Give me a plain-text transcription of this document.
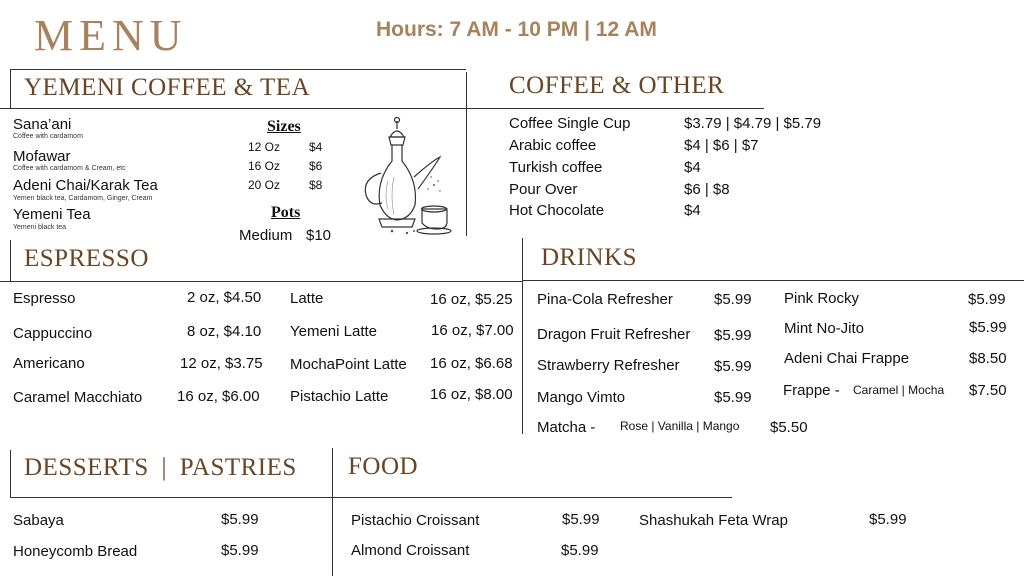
MENU	Hours: 7 AM - 10 PM | 12 AM
YEMENI COFFEE & TEA
Sana’ani
Coffee with cardamom
Mofawar
Coffee with cardamom & Cream, etc
Adeni Chai/Karak Tea
Yemen black tea, Cardamom, Ginger, Cream
Yemeni Tea
Yemeni black tea
Sizes
12 Oz $4
16 Oz $6
20 Oz $8
Pots
Medium $10
COFFEE & OTHER
Coffee Single Cup	$3.79 | $4.79 | $5.79
Arabic coffee	$4 | $6 | $7
Turkish coffee	$4
Pour Over	$6 | $8
Hot Chocolate	$4
ESPRESSO
Espresso	2 oz, $4.50
Cappuccino	8 oz, $4.10
Americano	12 oz, $3.75
Caramel Macchiato 16 oz, $6.00
Latte	16 oz, $5.25
Yemeni Latte	16 oz, $7.00
MochaPoint Latte 16 oz, $6.68
Pistachio Latte	16 oz, $8.00
DRINKS
Pina-Cola Refresher	$5.99
Dragon Fruit Refresher $5.99
Strawberry Refresher $5.99
Mango Vimto	$5.99
Matcha - Rose | Vanilla | Mango $5.50
Pink Rocky	$5.99
Mint No-Jito	$5.99
Adeni Chai Frappe	$8.50
Frappe - Caramel | Mocha $7.50
DESSERTS | PASTRIES
Sabaya	$5.99
Honeycomb Bread	$5.99
FOOD
Pistachio Croissant	$5.99
Almond Croissant	$5.99
Shashukah Feta Wrap	$5.99
